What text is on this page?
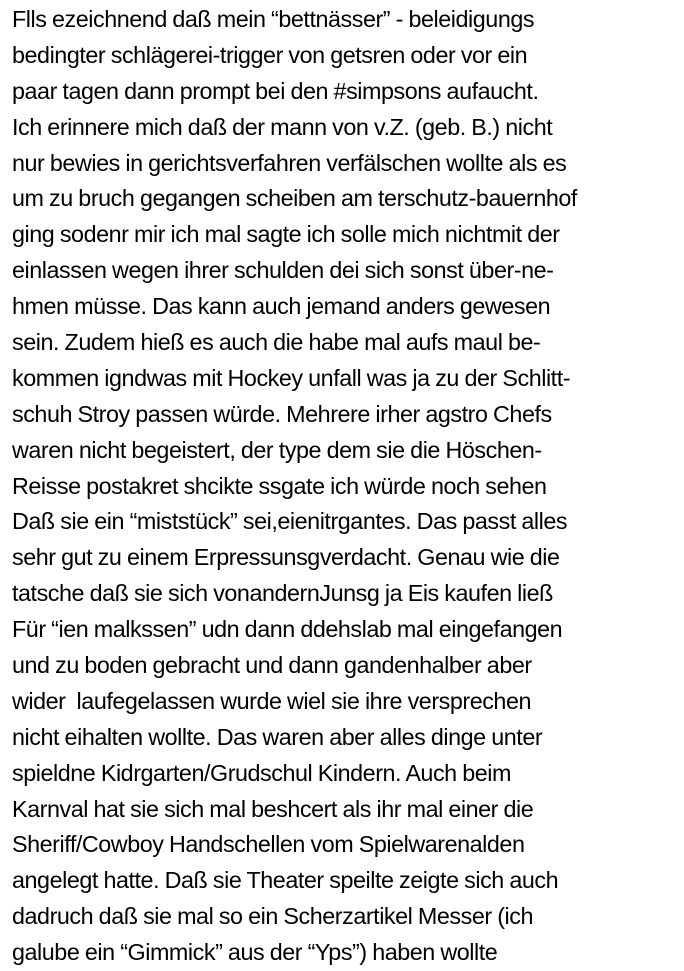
Flls ezeichnend daß mein “bettnässer” - beleidigungs
bedingter schlägerei-trigger von getsren oder vor ein
paar tagen dann prompt bei den #simpsons aufaucht.
Ich erinnere mich daß der mann von v.Z. (geb. B.) nicht
nur bewies in gerichtsverfahren verfälschen wollte als es
um zu bruch gegangen scheiben am terschutz-bauernhof
ging sodenr mir ich mal sagte ich solle mich nichtmit der
einlassen wegen ihrer schulden dei sich sonst über-ne-
hmen müsse. Das kann auch jemand anders gewesen
sein. Zudem hieß es auch die habe mal aufs maul be-
kommen igndwas mit Hockey unfall was ja zu der Schlitt-
schuh Stroy passen würde. Mehrere irher agstro Chefs
waren nicht begeistert, der type dem sie die Höschen-
Reisse postakret shcikte ssgate ich würde noch sehen
Daß sie ein “miststück” sei,eienitrgantes. Das passt alles
sehr gut zu einem Erpressunsgverdacht. Genau wie die
tatsche daß sie sich vonandernJunsg ja Eis kaufen ließ
Für “ien malkssen” udn dann ddehslab mal eingefangen
und zu boden gebracht und dann gandenhalber aber
wider  laufegelassen wurde wiel sie ihre versprechen
nicht eihalten wollte. Das waren aber alles dinge unter
spieldne Kidrgarten/Grudschul Kindern. Auch beim
Karnval hat sie sich mal beshcert als ihr mal einer die
Sheriff/Cowboy Handschellen vom Spielwarenalden
angelegt hatte. Daß sie Theater speilte zeigte sich auch
dadruch daß sie mal so ein Scherzartikel Messer (ich
galube ein “Gimmick” aus der “Yps”) haben wollte
